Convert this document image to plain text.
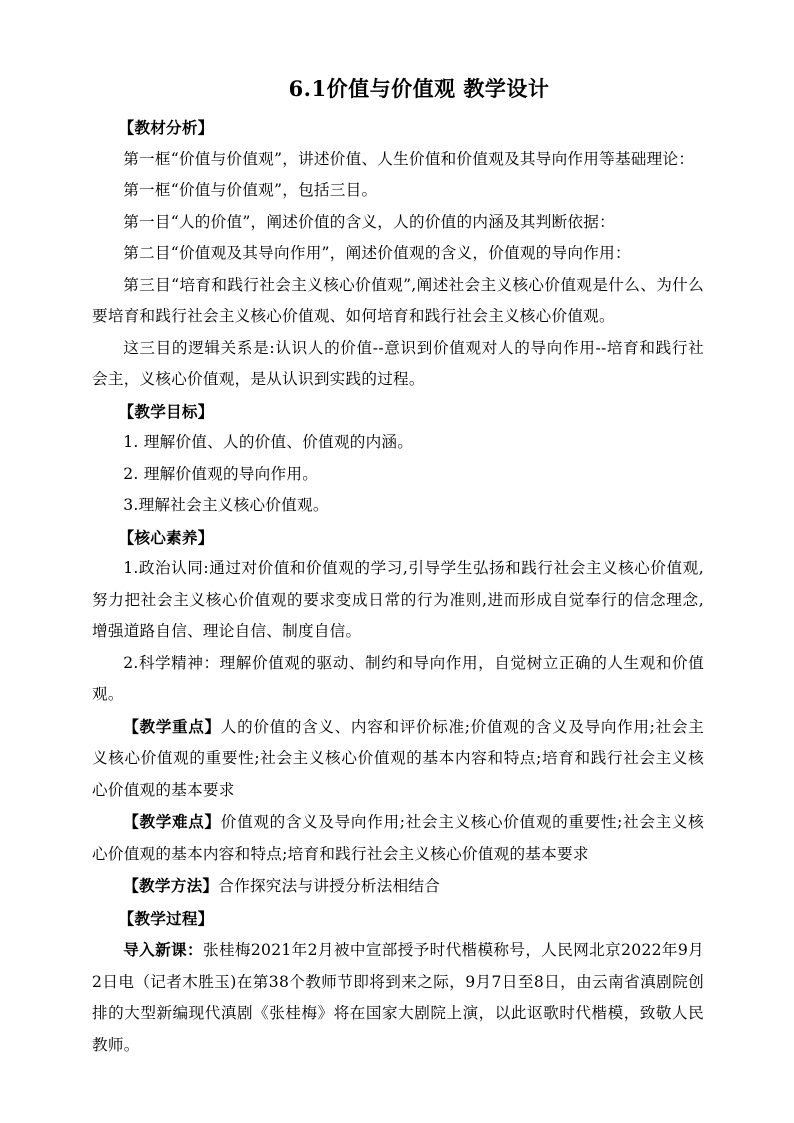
6.1价值与价值观 教学设计

【教材分析】

第一框“价值与价值观”，讲述价值、人生价值和价值观及其导向作用等基础理论：

第一框“价值与价值观”，包括三目。

第一目“人的价值”，阐述价值的含义，人的价值的内涵及其判断依据：

第二目“价值观及其导向作用”，阐述价值观的含义，价值观的导向作用：

第三目“培育和践行社会主义核心价值观”,阐述社会主义核心价值观是什么、为什么要培育和践行社会主义核心价值观、如何培育和践行社会主义核心价值观。

这三目的逻辑关系是:认识人的价值--意识到价值观对人的导向作用--培育和践行社会主，义核心价值观，是从认识到实践的过程。

【教学目标】

1. 理解价值、人的价值、价值观的内涵。

2. 理解价值观的导向作用。

3.理解社会主义核心价值观。

【核心素养】

1.政治认同:通过对价值和价值观的学习,引导学生弘扬和践行社会主义核心价值观,努力把社会主义核心价值观的要求变成日常的行为准则,进而形成自觉奉行的信念理念,增强道路自信、理论自信、制度自信。

2.科学精神：理解价值观的驱动、制约和导向作用，自觉树立正确的人生观和价值观。

【教学重点】人的价值的含义、内容和评价标准;价值观的含义及导向作用;社会主义核心价值观的重要性;社会主义核心价值观的基本内容和特点;培育和践行社会主义核心价值观的基本要求

【教学难点】价值观的含义及导向作用;社会主义核心价值观的重要性;社会主义核心价值观的基本内容和特点;培育和践行社会主义核心价值观的基本要求

【教学方法】合作探究法与讲授分析法相结合

【教学过程】

导入新课：张桂梅2021年2月被中宣部授予时代楷模称号，人民网北京2022年9月2日电（记者木胜玉)在第38个教师节即将到来之际，9月7日至8日，由云南省滇剧院创排的大型新编现代滇剧《张桂梅》将在国家大剧院上演，以此讴歌时代楷模，致敬人民教师。
